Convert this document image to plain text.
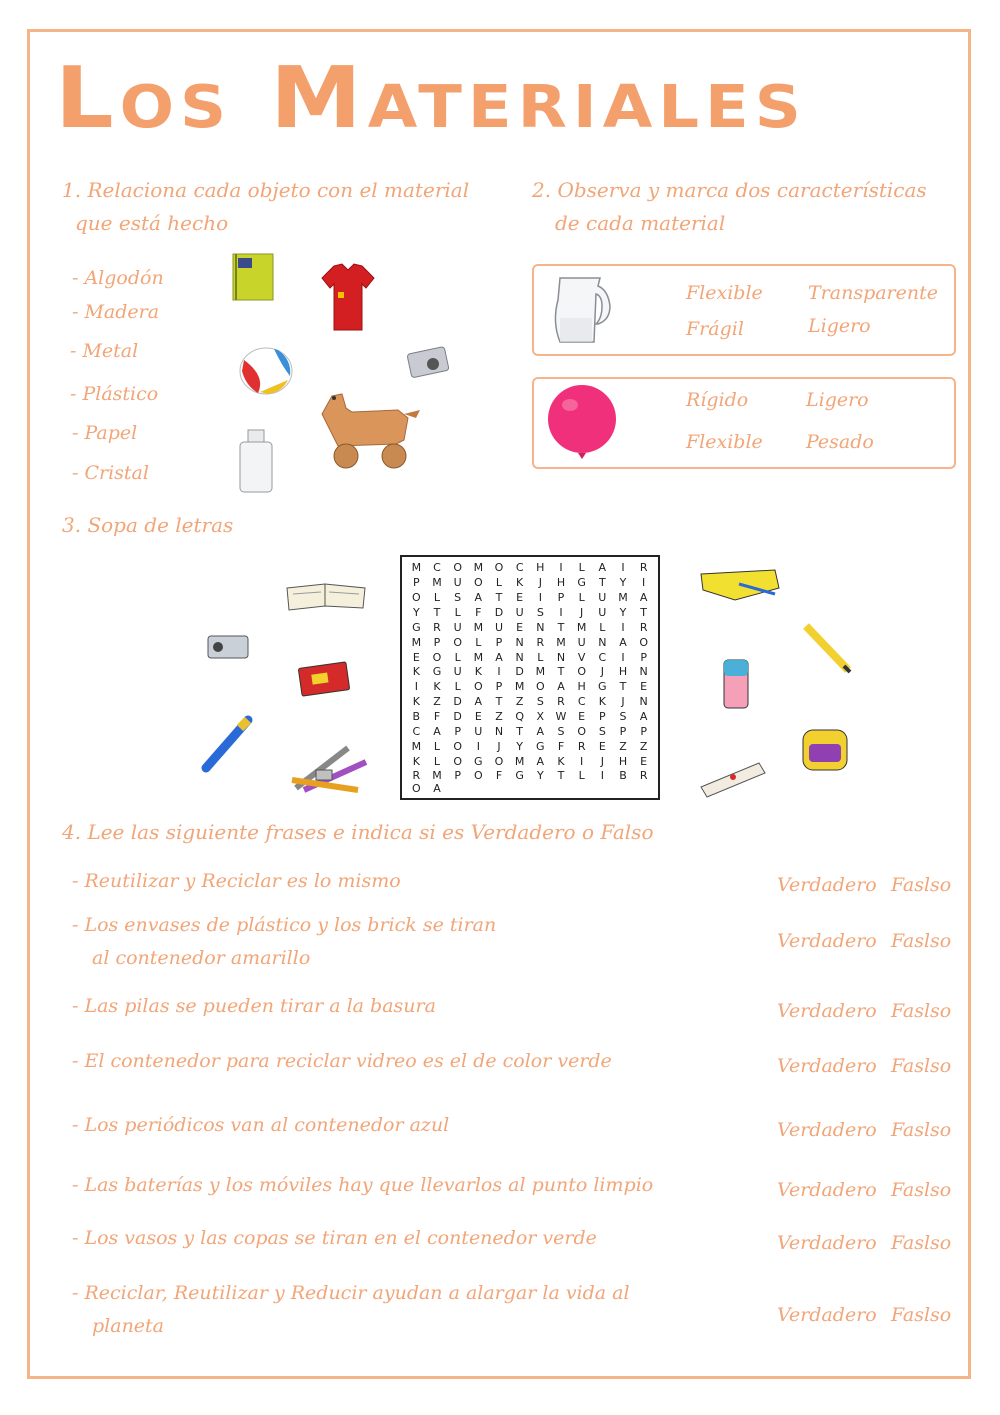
Los Materiales
1. Relaciona cada objeto con el material
que está hecho
- Algodón
- Madera
- Metal
- Plástico
- Papel
- Cristal
2. Observa y marca dos características
de cada material
Flexible Transparente
Frágil	Ligero
Rígido	Ligero
Flexible Pesado
3. Sopa de letras
M	C	O	M	O	C	H	I	L	A	I	R
P	M	U	O	L	K	J	H	G	T	Y	I
O	L	S	A	T	E	I	P	L	U	M	A
Y	T	L	F	D	U	S	I	J	U	Y	T
G	R	U	M	U	E	N	T	M	L	I	R
M	P	O	L	P	N	R	M	U	N	A	O
E	O	L	M	A	N	L	N	V	C	I	P
K	G	U	K	I	D	M	T	O	J	H	N
I	K	L	O	P	M	O	A	H	G	T	E
K	Z	D	A	T	Z	S	R	C	K	J	N
B	F	D	E	Z	Q	X	W	E	P	S	A
C	A	P	U	N	T	A	S	O	S	P	P
M	L	O	I	J	Y	G	F	R	E	Z	Z
K	L	O	G	O	M	A	K	I	J	H	E
R	M	P	O	F	G	Y	T	L	I	B	R
O	A
4. Lee las siguiente frases e indica si es Verdadero o Falso
- Reutilizar y Reciclar es lo mismo	Verdadero Faslso
- Los envases de plástico y los brick se tiran
al contenedor amarillo
Verdadero Faslso
- Las pilas se pueden tirar a la basura	Verdadero Faslso
- El contenedor para reciclar vidreo es el de color verde	Verdadero Faslso
- Los periódicos van al contenedor azul	Verdadero Faslso
- Las baterías y los móviles hay que llevarlos al punto limpio	Verdadero Faslso
- Los vasos y las copas se tiran en el contenedor verde	Verdadero Faslso
- Reciclar, Reutilizar y Reducir ayudan a alargar la vida al
planeta	Verdadero Faslso
